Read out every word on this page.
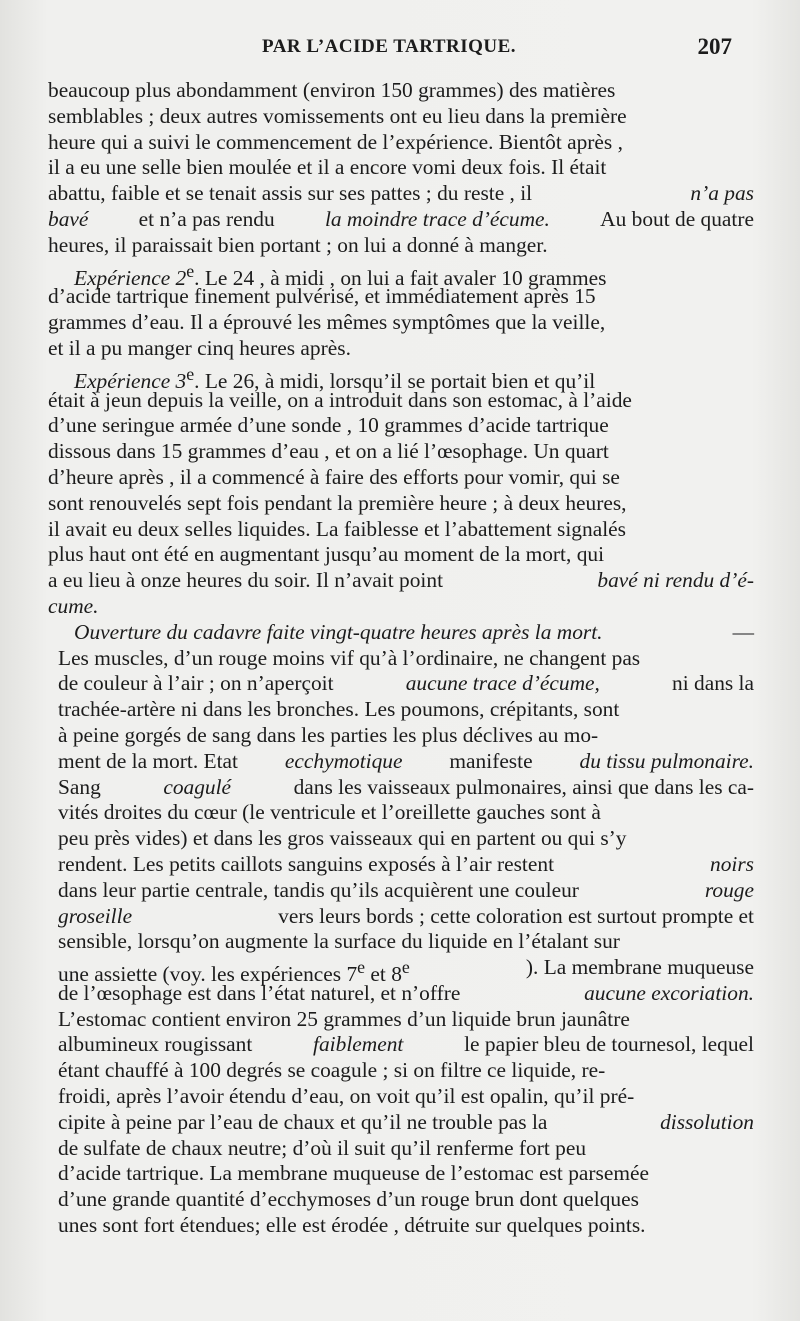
PAR L’ACIDE TARTRIQUE.	207
beaucoup plus abondamment (environ 150 grammes) des matières
semblables ; deux autres vomissements ont eu lieu dans la première
heure qui a suivi le commencement de l’expérience. Bientôt après ,
il a eu une selle bien moulée et il a encore vomi deux fois. Il était
abattu, faible et se tenait assis sur ses pattes ; du reste , il	n’a pas
bavé et n’a pas rendu la moindre trace d’écume. Au bout de quatre
heures, il paraissait bien portant ; on lui a donné à manger.
Expérience 2e. Le 24 , à midi , on lui a fait avaler 10 grammes
d’acide tartrique finement pulvérisé, et immédiatement après 15
grammes d’eau. Il a éprouvé les mêmes symptômes que la veille,
et il a pu manger cinq heures après.
Expérience 3e. Le 26, à midi, lorsqu’il se portait bien et qu’il
était à jeun depuis la veille, on a introduit dans son estomac, à l’aide
d’une seringue armée d’une sonde , 10 grammes d’acide tartrique
dissous dans 15 grammes d’eau , et on a lié l’œsophage. Un quart
d’heure après , il a commencé à faire des efforts pour vomir, qui se
sont renouvelés sept fois pendant la première heure ; à deux heures,
il avait eu deux selles liquides. La faiblesse et l’abattement signalés
plus haut ont été en augmentant jusqu’au moment de la mort, qui
a eu lieu à onze heures du soir. Il n’avait point	bavé ni rendu d’é-
cume.
Ouverture du cadavre faite vingt-quatre heures après la mort.	—
Les muscles, d’un rouge moins vif qu’à l’ordinaire, ne changent pas
de couleur à l’air ; on n’aperçoit	aucune trace d’écume,	ni dans la
trachée-artère ni dans les bronches. Les poumons, crépitants, sont
à peine gorgés de sang dans les parties les plus déclives au mo-
ment de la mort. Etat ecchymotique manifeste du tissu pulmonaire.
Sang	coagulé	dans les vaisseaux pulmonaires, ainsi que dans les ca-
vités droites du cœur (le ventricule et l’oreillette gauches sont à
peu près vides) et dans les gros vaisseaux qui en partent ou qui s’y
rendent. Les petits caillots sanguins exposés à l’air restent	noirs
dans leur partie centrale, tandis qu’ils acquièrent une couleur	rouge
groseille	vers leurs bords ; cette coloration est surtout prompte et
sensible, lorsqu’on augmente la surface du liquide en l’étalant sur
une assiette (voy. les expériences 7e et 8e	). La membrane muqueuse
de l’œsophage est dans l’état naturel, et n’offre	aucune excoriation.
L’estomac contient environ 25 grammes d’un liquide brun jaunâtre
albumineux rougissant	faiblement	le papier bleu de tournesol, lequel
étant chauffé à 100 degrés se coagule ; si on filtre ce liquide, re-
froidi, après l’avoir étendu d’eau, on voit qu’il est opalin, qu’il pré-
cipite à peine par l’eau de chaux et qu’il ne trouble pas la	dissolution
de sulfate de chaux neutre; d’où il suit qu’il renferme fort peu
d’acide tartrique. La membrane muqueuse de l’estomac est parsemée
d’une grande quantité d’ecchymoses d’un rouge brun dont quelques
unes sont fort étendues; elle est érodée , détruite sur quelques points.
